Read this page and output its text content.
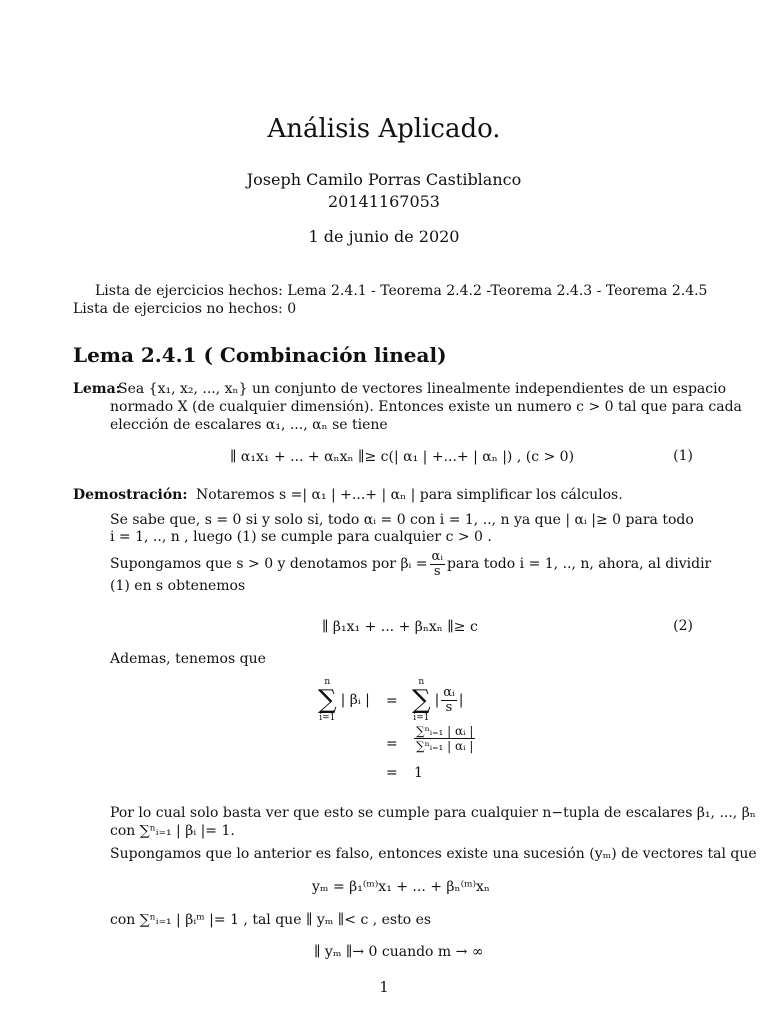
Análisis Aplicado.
Joseph Camilo Porras Castiblanco
20141167053
1 de junio de 2020
Lista de ejercicios hechos: Lema 2.4.1 - Teorema 2.4.2 -Teorema 2.4.3 - Teorema 2.4.5
Lista de ejercicios no hechos: 0
Lema 2.4.1 ( Combinación lineal)
Lema:
Sea {x₁, x₂, ..., xₙ} un conjunto de vectores linealmente independientes de un espacio
normado X (de cualquier dimensión). Entonces existe un numero c > 0 tal que para cada
elección de escalares α₁, ..., αₙ se tiene
∥ α₁x₁ + ... + αₙxₙ ∥≥ c(| α₁ | +...+ | αₙ |) , (c > 0)	(1)
Demostración: Notaremos s =| α₁ | +...+ | αₙ | para simplificar los cálculos.
Se sabe que, s = 0 si y solo si, todo αᵢ = 0 con i = 1, .., n ya que | αᵢ |≥ 0 para todo
i = 1, .., n , luego (1) se cumple para cualquier c > 0 .
Supongamos que s > 0 y denotamos por βᵢ = $\frac{\text{αᵢ}}{s}$ para todo i = 1, .., n, ahora, al dividir
(1) en s obtenemos
∥ β₁x₁ + ... + βₙxₙ ∥≥ c	(2)
Ademas, tenemos que
n
∑
i=1
| βᵢ | =
n
∑
i=1
| $\frac{\text{αᵢ}}{s}$ |
= $\frac{\text{∑ⁿᵢ₌₁ | αᵢ |}}{\text{∑ⁿᵢ₌₁ | αᵢ |}}$
= 1
Por lo cual solo basta ver que esto se cumple para cualquier n−tupla de escalares β₁, ..., βₙ
con ∑ⁿᵢ₌₁ | βᵢ |= 1.
Supongamos que lo anterior es falso, entonces existe una sucesión (yₘ) de vectores tal que
yₘ = β₁⁽ᵐ⁾x₁ + ... + βₙ⁽ᵐ⁾xₙ
con ∑ⁿᵢ₌₁ | βᵢᵐ |= 1 , tal que ∥ yₘ ∥< c , esto es
∥ yₘ ∥→ 0 cuando m → ∞
1
